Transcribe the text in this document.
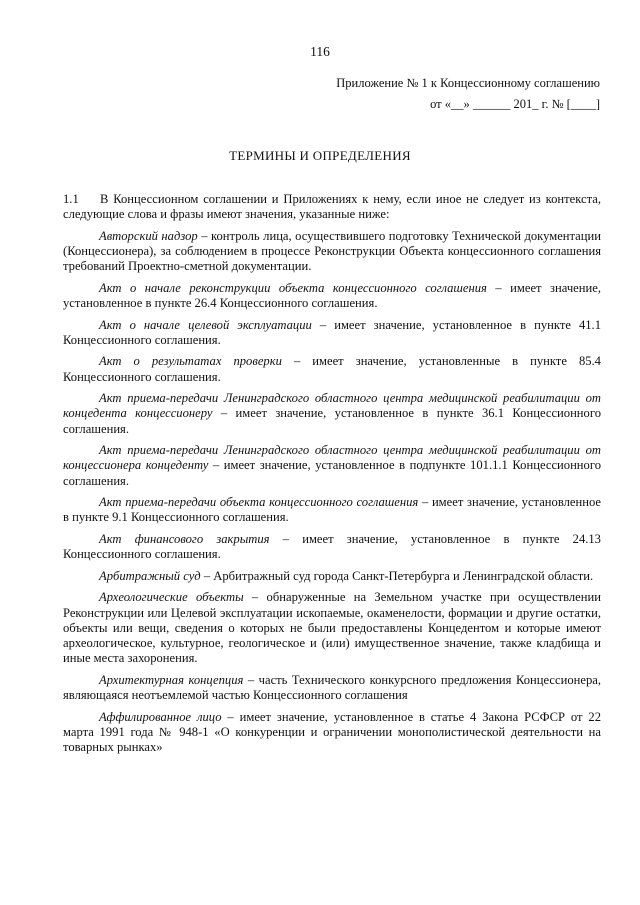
116
Приложение № 1 к Концессионному соглашению
от «__» ______ 201_ г. № [____]
ТЕРМИНЫ И ОПРЕДЕЛЕНИЯ

1.1 В Концессионном соглашении и Приложениях к нему, если иное не следует из контекста, следующие слова и фразы имеют значения, указанные ниже:

Авторский надзор – контроль лица, осуществившего подготовку Технической документации (Концессионера), за соблюдением в процессе Реконструкции Объекта концессионного соглашения требований Проектно-сметной документации.

Акт о начале реконструкции объекта концессионного соглашения – имеет значение, установленное в пункте 26.4 Концессионного соглашения.

Акт о начале целевой эксплуатации – имеет значение, установленное в пункте 41.1 Концессионного соглашения.

Акт о результатах проверки – имеет значение, установленные в пункте 85.4 Концессионного соглашения.

Акт приема-передачи Ленинградского областного центра медицинской реабилитации от концедента концессионеру – имеет значение, установленное в пункте 36.1 Концессионного соглашения.

Акт приема-передачи Ленинградского областного центра медицинской реабилитации от концессионера концеденту – имеет значение, установленное в подпункте 101.1.1 Концессионного соглашения.

Акт приема-передачи объекта концессионного соглашения – имеет значение, установленное в пункте 9.1 Концессионного соглашения.

Акт финансового закрытия – имеет значение, установленное в пункте 24.13 Концессионного соглашения.

Арбитражный суд – Арбитражный суд города Санкт-Петербурга и Ленинградской области.

Археологические объекты – обнаруженные на Земельном участке при осуществлении Реконструкции или Целевой эксплуатации ископаемые, окаменелости, формации и другие остатки, объекты или вещи, сведения о которых не были предоставлены Концедентом и которые имеют археологическое, культурное, геологическое и (или) имущественное значение, также кладбища и иные места захоронения.

Архитектурная концепция – часть Технического конкурсного предложения Концессионера, являющаяся неотъемлемой частью Концессионного соглашения

Аффилированное лицо – имеет значение, установленное в статье 4 Закона РСФСР от 22 марта 1991 года № 948-1 «О конкуренции и ограничении монополистической деятельности на товарных рынках»
